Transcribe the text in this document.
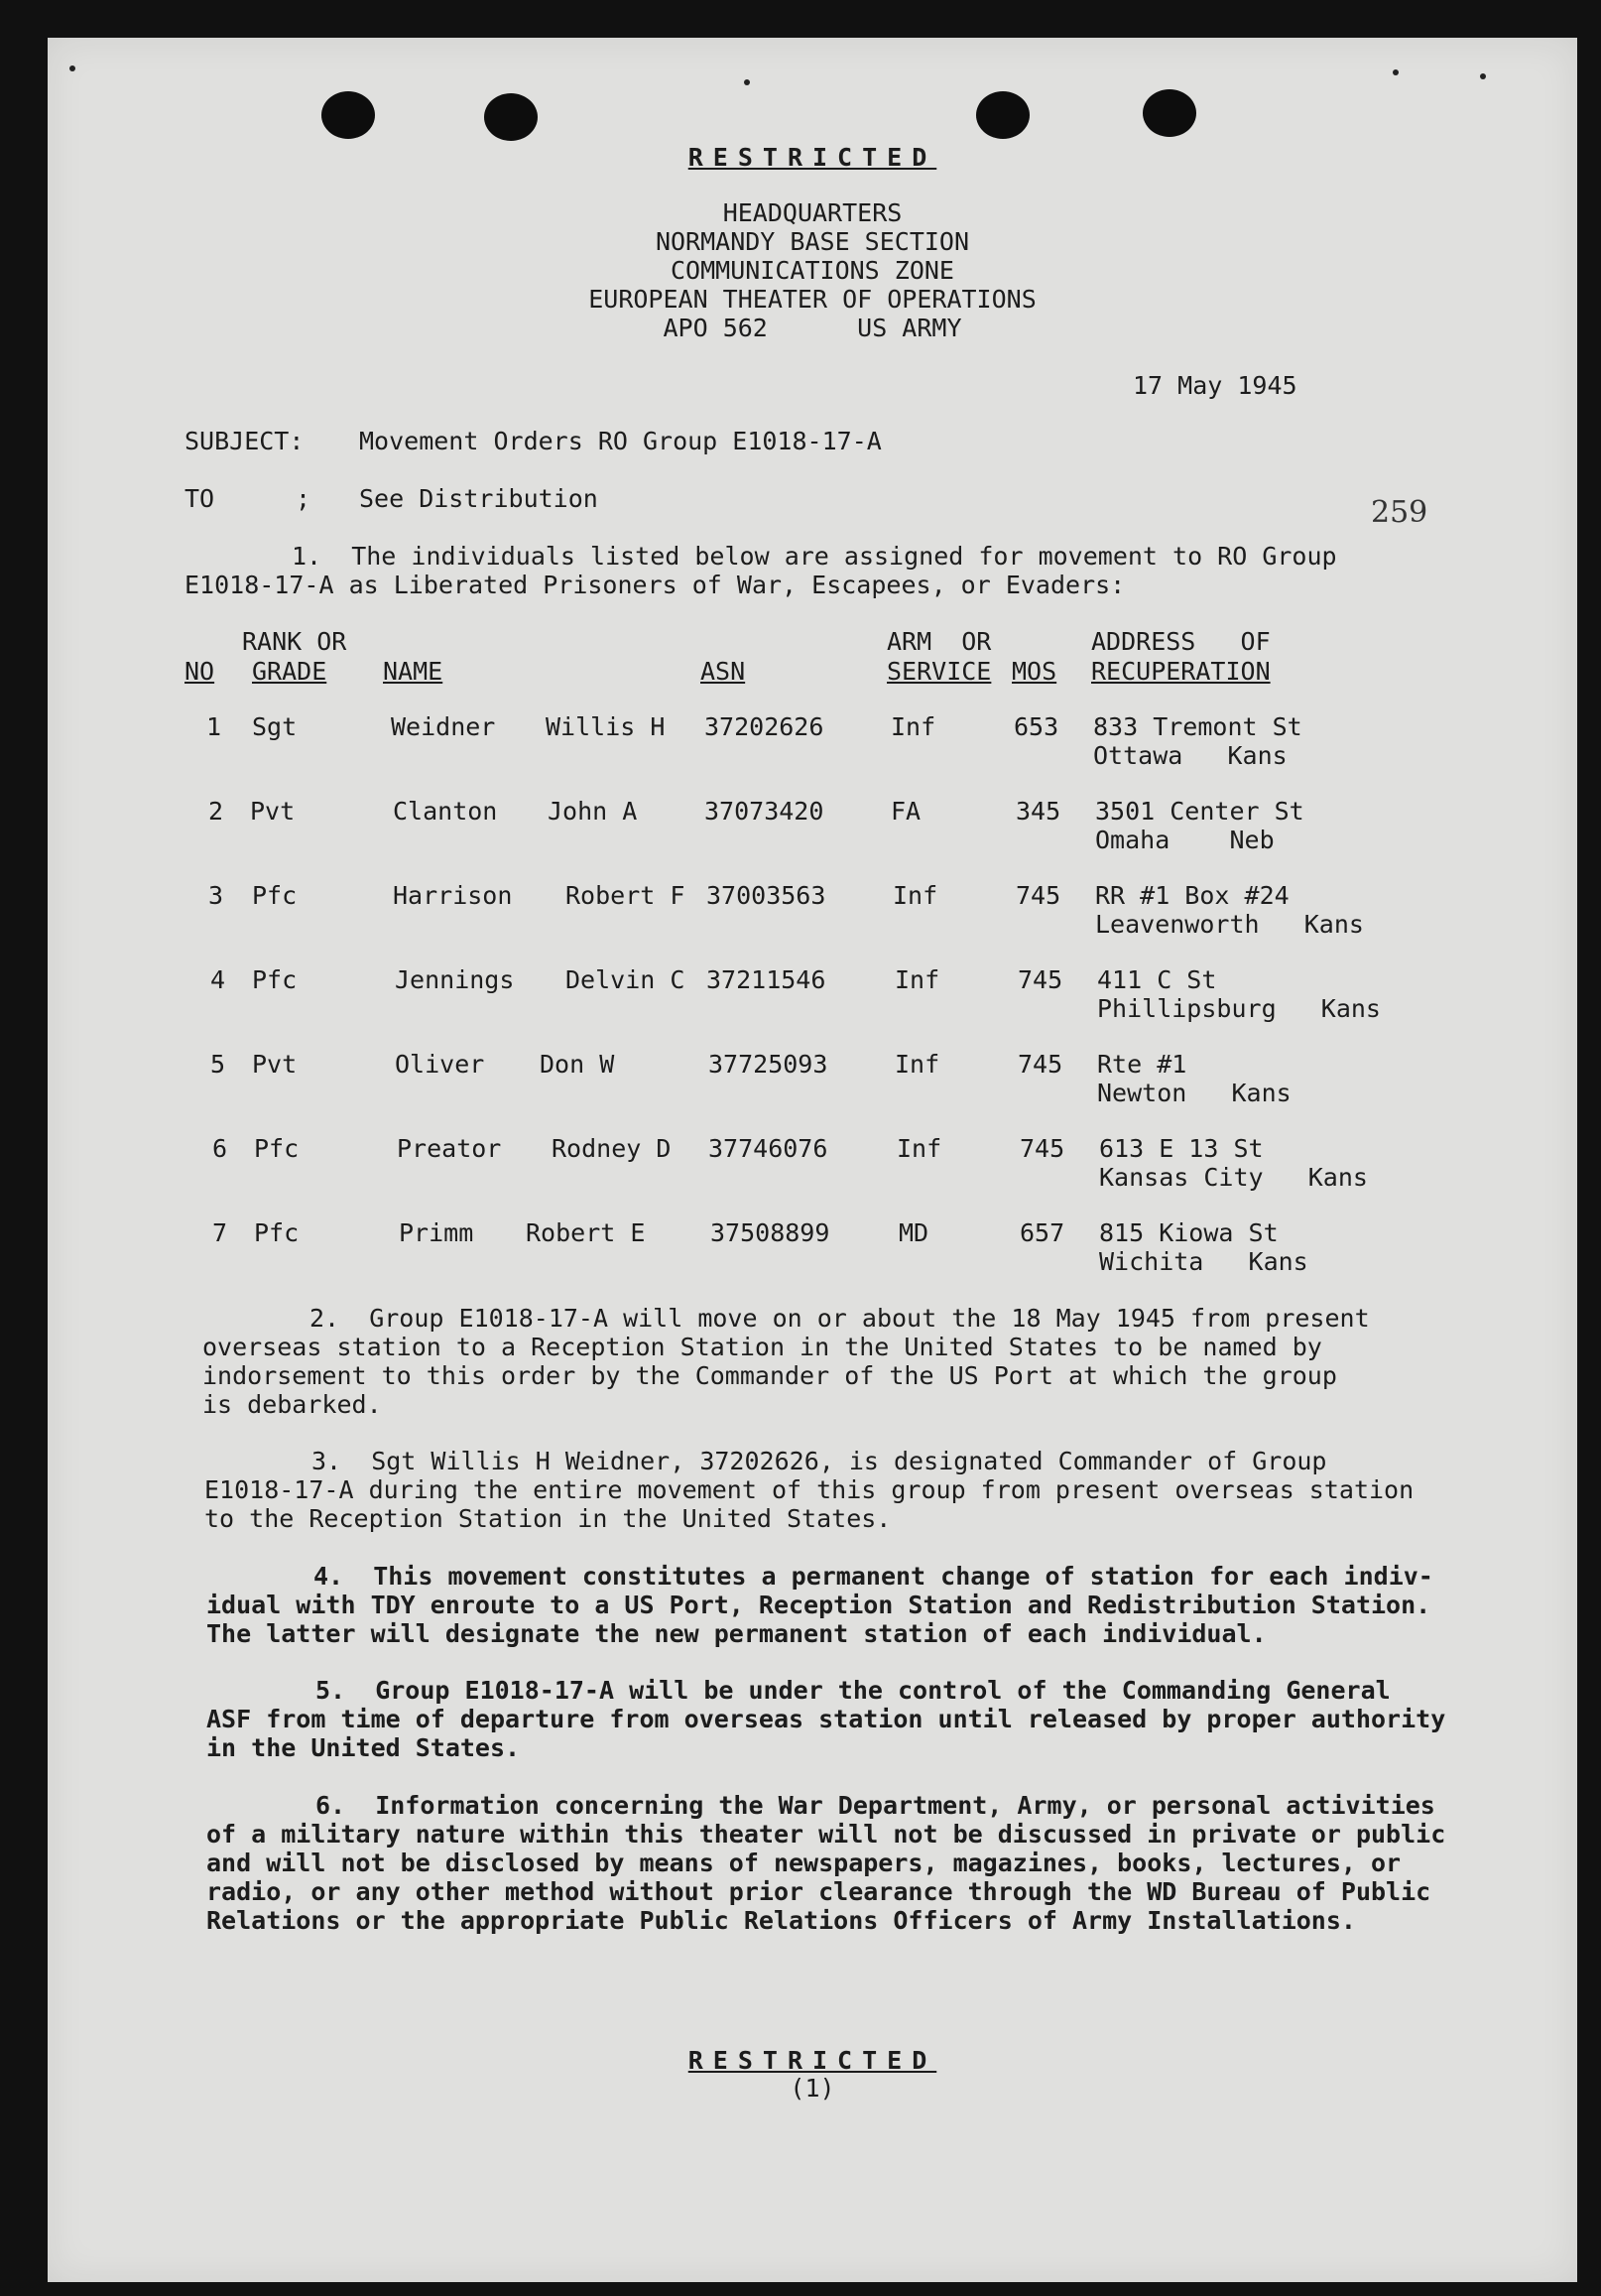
RESTRICTED
HEADQUARTERS
NORMANDY BASE SECTION
COMMUNICATIONS ZONE
EUROPEAN THEATER OF OPERATIONS
APO 562      US ARMY
17 May 1945
SUBJECT: Movement Orders RO Group E1018-17-A
TO	; See Distribution	259
1.  The individuals listed below are assigned for movement to RO Group
E1018-17-A as Liberated Prisoners of War, Escapees, or Evaders:
RANK OR	ARM  OR	ADDRESS   OF
NO GRADE NAME	ASN	SERVICE MOS RECUPERATION
1 Sgt	Weidner Willis H 37202626	Inf	653 833 Tremont St
Ottawa   Kans
2 Pvt	Clanton John A	37073420	FA	345 3501 Center St
Omaha    Neb
3 Pfc	Harrison Robert F 37003563	Inf	745 RR #1 Box #24
Leavenworth   Kans
4 Pfc	Jennings Delvin C 37211546	Inf	745 411 C St
Phillipsburg   Kans
5 Pvt	Oliver Don W	37725093	Inf	745 Rte #1
Newton   Kans
6 Pfc	Preator Rodney D 37746076	Inf	745 613 E 13 St
Kansas City   Kans
7 Pfc	Primm Robert E	37508899	MD	657 815 Kiowa St
Wichita   Kans
2.  Group E1018-17-A will move on or about the 18 May 1945 from present
overseas station to a Reception Station in the United States to be named by
indorsement to this order by the Commander of the US Port at which the group
is debarked.
3.  Sgt Willis H Weidner, 37202626, is designated Commander of Group
E1018-17-A during the entire movement of this group from present overseas station
to the Reception Station in the United States.
4.  This movement constitutes a permanent change of station for each indiv-
idual with TDY enroute to a US Port, Reception Station and Redistribution Station.
The latter will designate the new permanent station of each individual.
5.  Group E1018-17-A will be under the control of the Commanding General
ASF from time of departure from overseas station until released by proper authority
in the United States.
6.  Information concerning the War Department, Army, or personal activities
of a military nature within this theater will not be discussed in private or public
and will not be disclosed by means of newspapers, magazines, books, lectures, or
radio, or any other method without prior clearance through the WD Bureau of Public
Relations or the appropriate Public Relations Officers of Army Installations.
RESTRICTED
(1)
